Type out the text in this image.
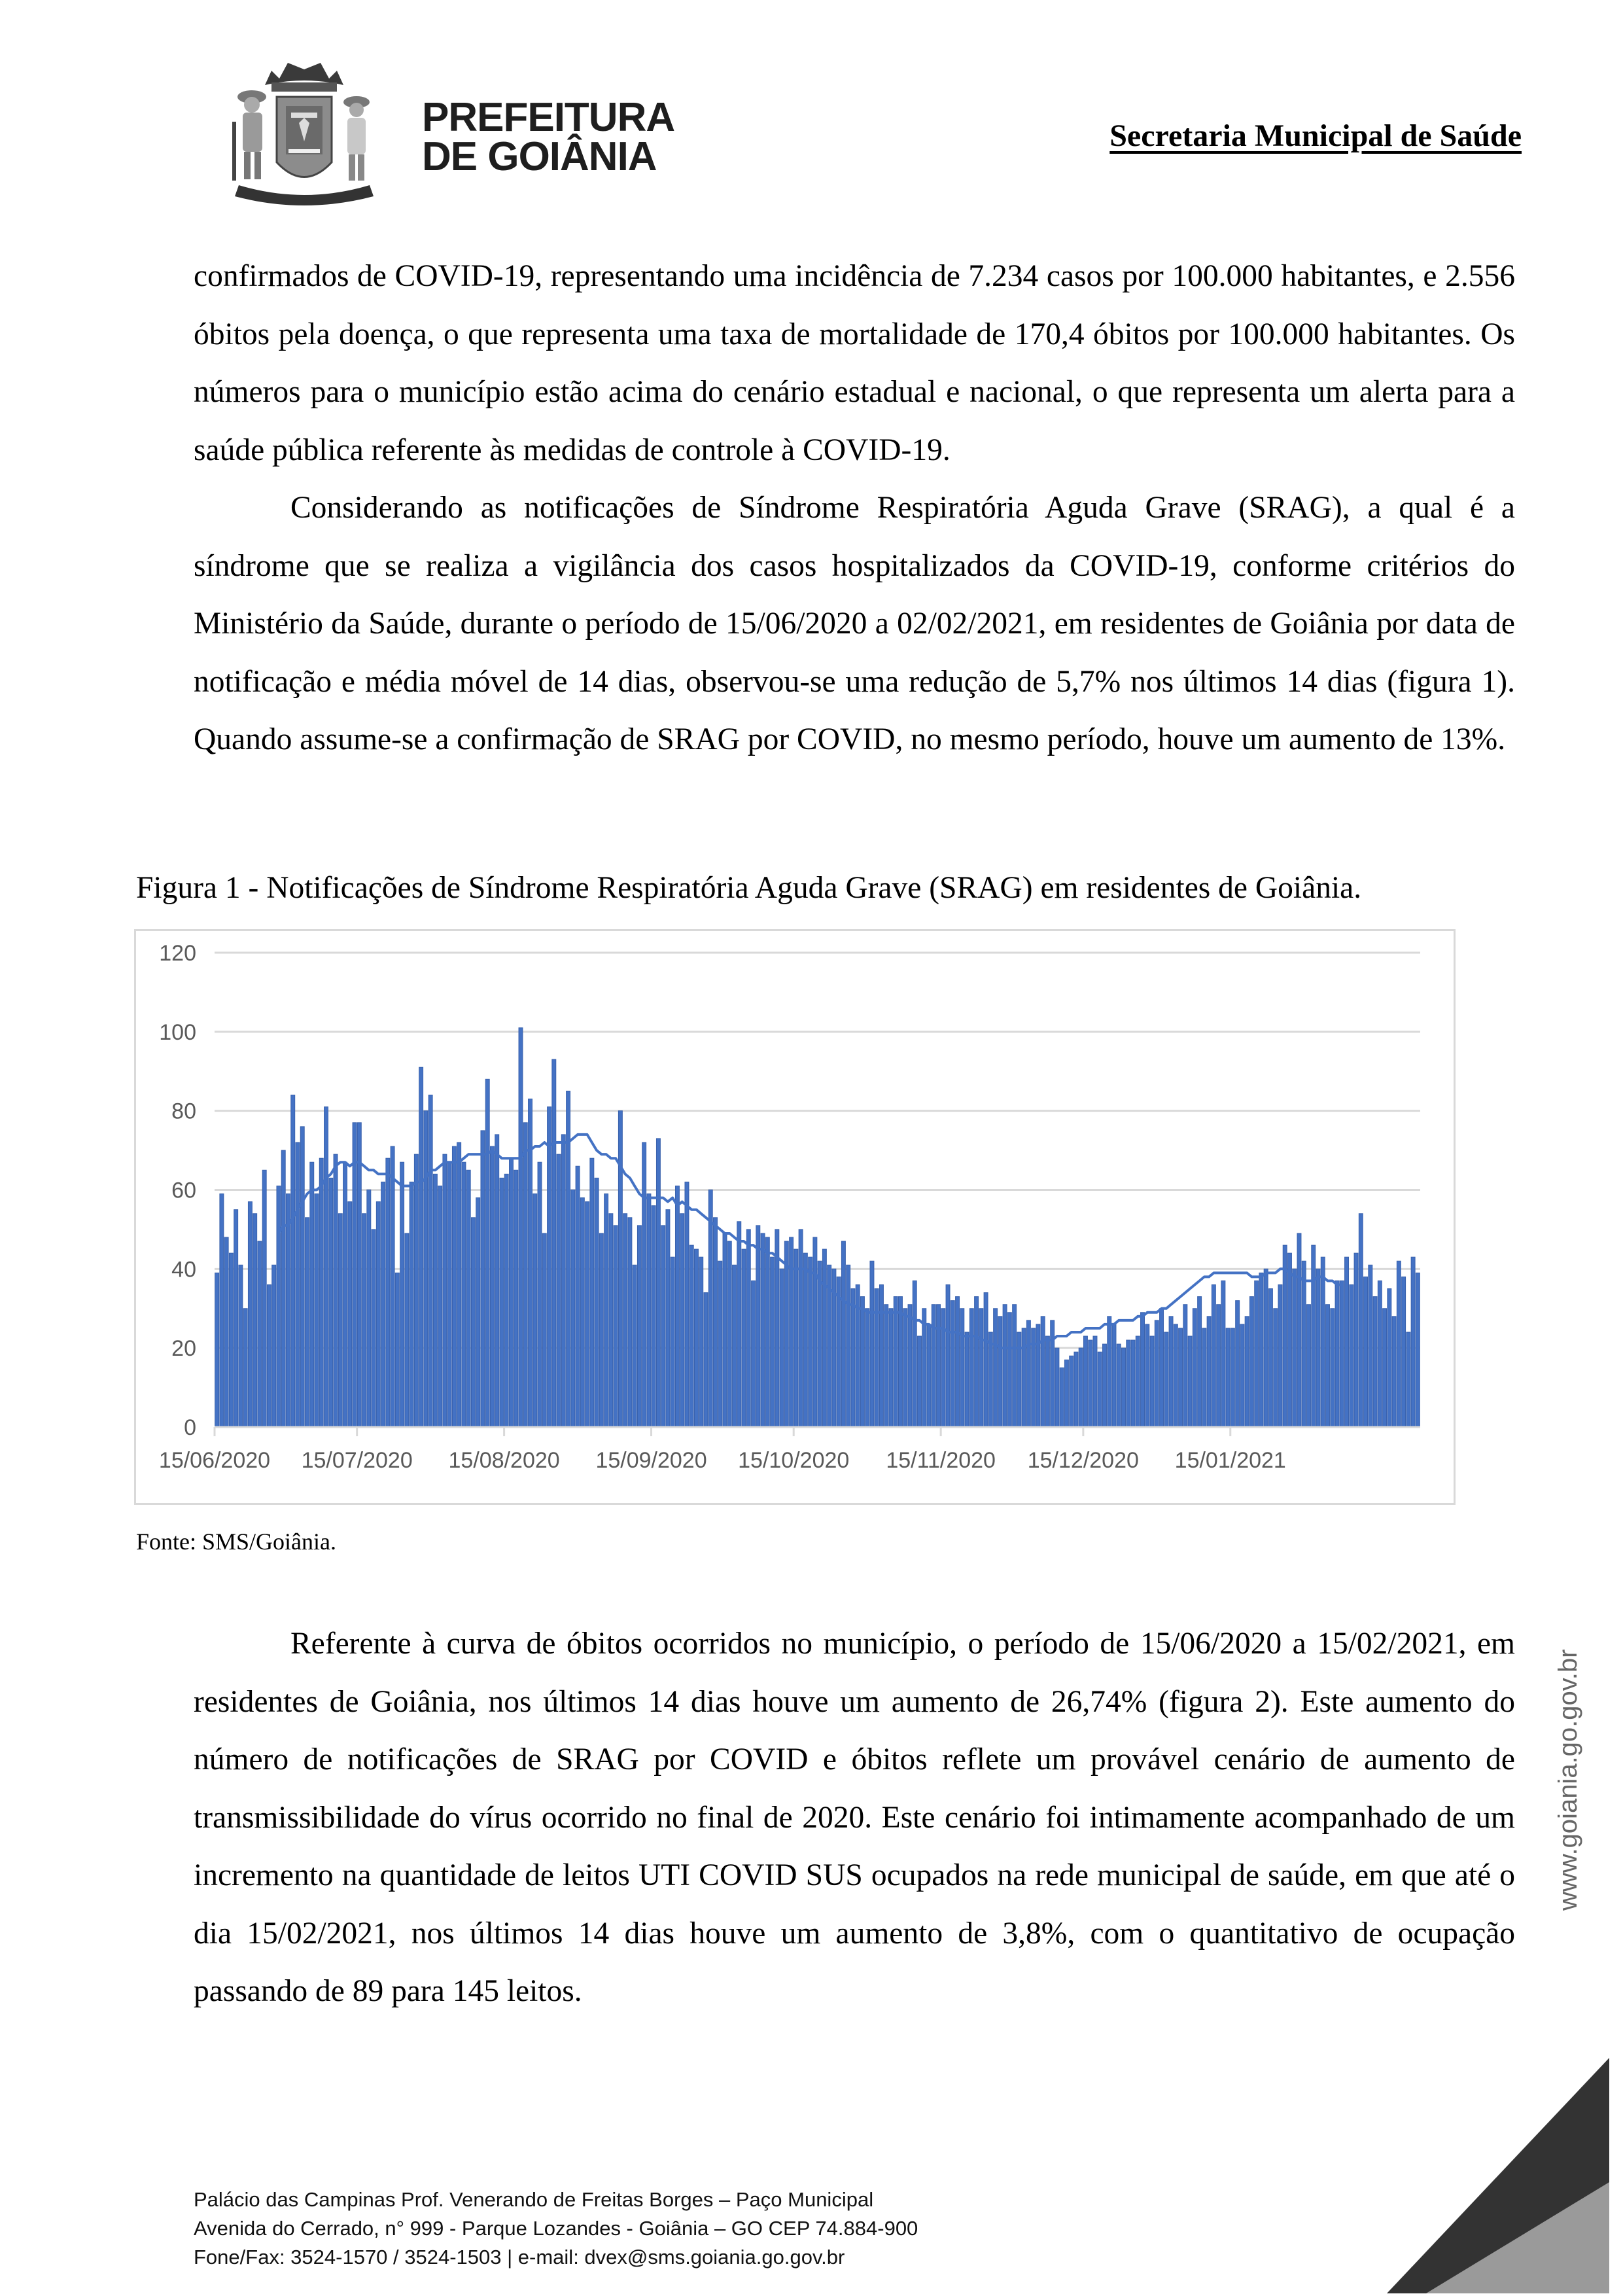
PREFEITURA
DE GOIÂNIA	Secretaria Municipal de Saúde
confirmados de COVID-19, representando uma incidência de 7.234 casos por 100.000 habitantes, e 2.556 óbitos pela doença, o que representa uma taxa de mortalidade de 170,4 óbitos por 100.000 habitantes. Os números para o município estão acima do cenário estadual e nacional, o que representa um alerta para a saúde pública referente às medidas de controle à COVID-19.
Considerando as notificações de Síndrome Respiratória Aguda Grave (SRAG), a qual é a síndrome que se realiza a vigilância dos casos hospitalizados da COVID-19, conforme critérios do Ministério da Saúde, durante o período de 15/06/2020 a 02/02/2021, em residentes de Goiânia por data de notificação e média móvel de 14 dias, observou-se uma redução de 5,7% nos últimos 14 dias (figura 1). Quando assume-se a confirmação de SRAG por COVID, no mesmo período, houve um aumento de 13%.
Figura 1 - Notificações de Síndrome Respiratória Aguda Grave (SRAG) em residentes de Goiânia.
0
20
40
60
80
100
120
15/06/2020 15/07/2020 15/08/2020 15/09/2020 15/10/2020 15/11/2020 15/12/2020 15/01/2021
Fonte: SMS/Goiânia.
Referente à curva de óbitos ocorridos no município, o período de 15/06/2020 a 15/02/2021, em residentes de Goiânia, nos últimos 14 dias houve um aumento de 26,74% (figura 2). Este aumento do número de notificações de SRAG por COVID e óbitos reflete um provável cenário de aumento de transmissibilidade do vírus ocorrido no final de 2020. Este cenário foi intimamente acompanhado de um incremento na quantidade de leitos UTI COVID SUS ocupados na rede municipal de saúde, em que até o dia 15/02/2021, nos últimos 14 dias houve um aumento de 3,8%, com o quantitativo de ocupação passando de 89 para 145 leitos.
www.goiania.go.gov.br
Palácio das Campinas Prof. Venerando de Freitas Borges – Paço Municipal
Avenida do Cerrado, n° 999 - Parque Lozandes - Goiânia – GO CEP 74.884-900
Fone/Fax: 3524-1570 / 3524-1503 | e-mail: dvex@sms.goiania.go.gov.br
